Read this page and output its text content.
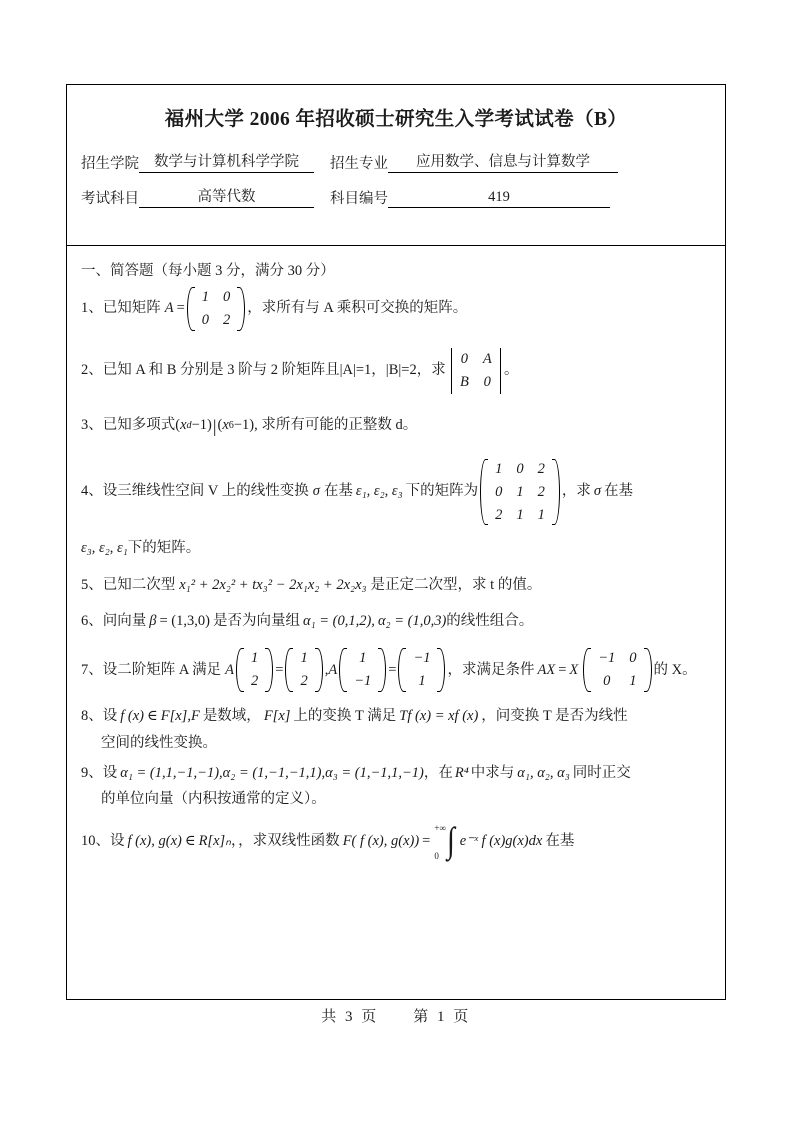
福州大学 2006 年招收硕士研究生入学考试试卷（B）
招生学院	数学与计算机科学学院	招生专业	应用数学、信息与计算数学
考试科目	高等代数	科目编号	419
一、简答题（每小题 3 分，满分 30 分）
1、 已知矩阵 A =
1	0
0	2
，求所有与 A 乘积可交换的矩阵。
2、 已知 A 和 B 分别是 3 阶与 2 阶矩阵且|A|=1，|B|=2，求
0	A
B	0
。
3、 已知多项式 ( x d −1) | ( x 6 −1) , 求所有可能的正整数 d。
4、 设三维线性空间 V 上的线性变换 σ 在基 ε₁, ε₂, ε₃ 下的矩阵为
1	0	2
0	1	2
2	1	1
，求 σ 在基
ε₃, ε₂, ε₁ 下的矩阵。
5、 已知二次型 x₁² + 2x₂² + tx₃² − 2x₁x₂ + 2x₂x₃ 是正定二次型，求 t 的值。
6、 问向量 β = (1,3,0) 是否为向量组 α₁ = (0,1,2), α₂ = (1,0,3) 的线性组合。
7、 设二阶矩阵 A 满足 A
1
2
=
1
2
, A
1
−1
=
−1
1
，求满足条件 AX = X
−1	0
0	1
的 X。
8、 设 f (x) ∈ F[x], F 是数域， F[x] 上的变换 T 满足 Tf (x) = xf (x) ，问变换 T 是否为线性
空间的线性变换。
9、 设 α₁ = (1,1,−1,−1), α₂ = (1,−1,−1,1), α₃ = (1,−1,1,−1) ，在 R⁴ 中求与 α₁, α₂, α₃ 同时正交
的单位向量（内积按通常的定义）。
10、 设 f (x), g(x) ∈ R[x]ₙ ，，求双线性函数 F( f (x), g(x)) =
+∞
0 ∫ e⁻ˣ f (x)g(x)dx 在基
共 3 页 第 1 页
